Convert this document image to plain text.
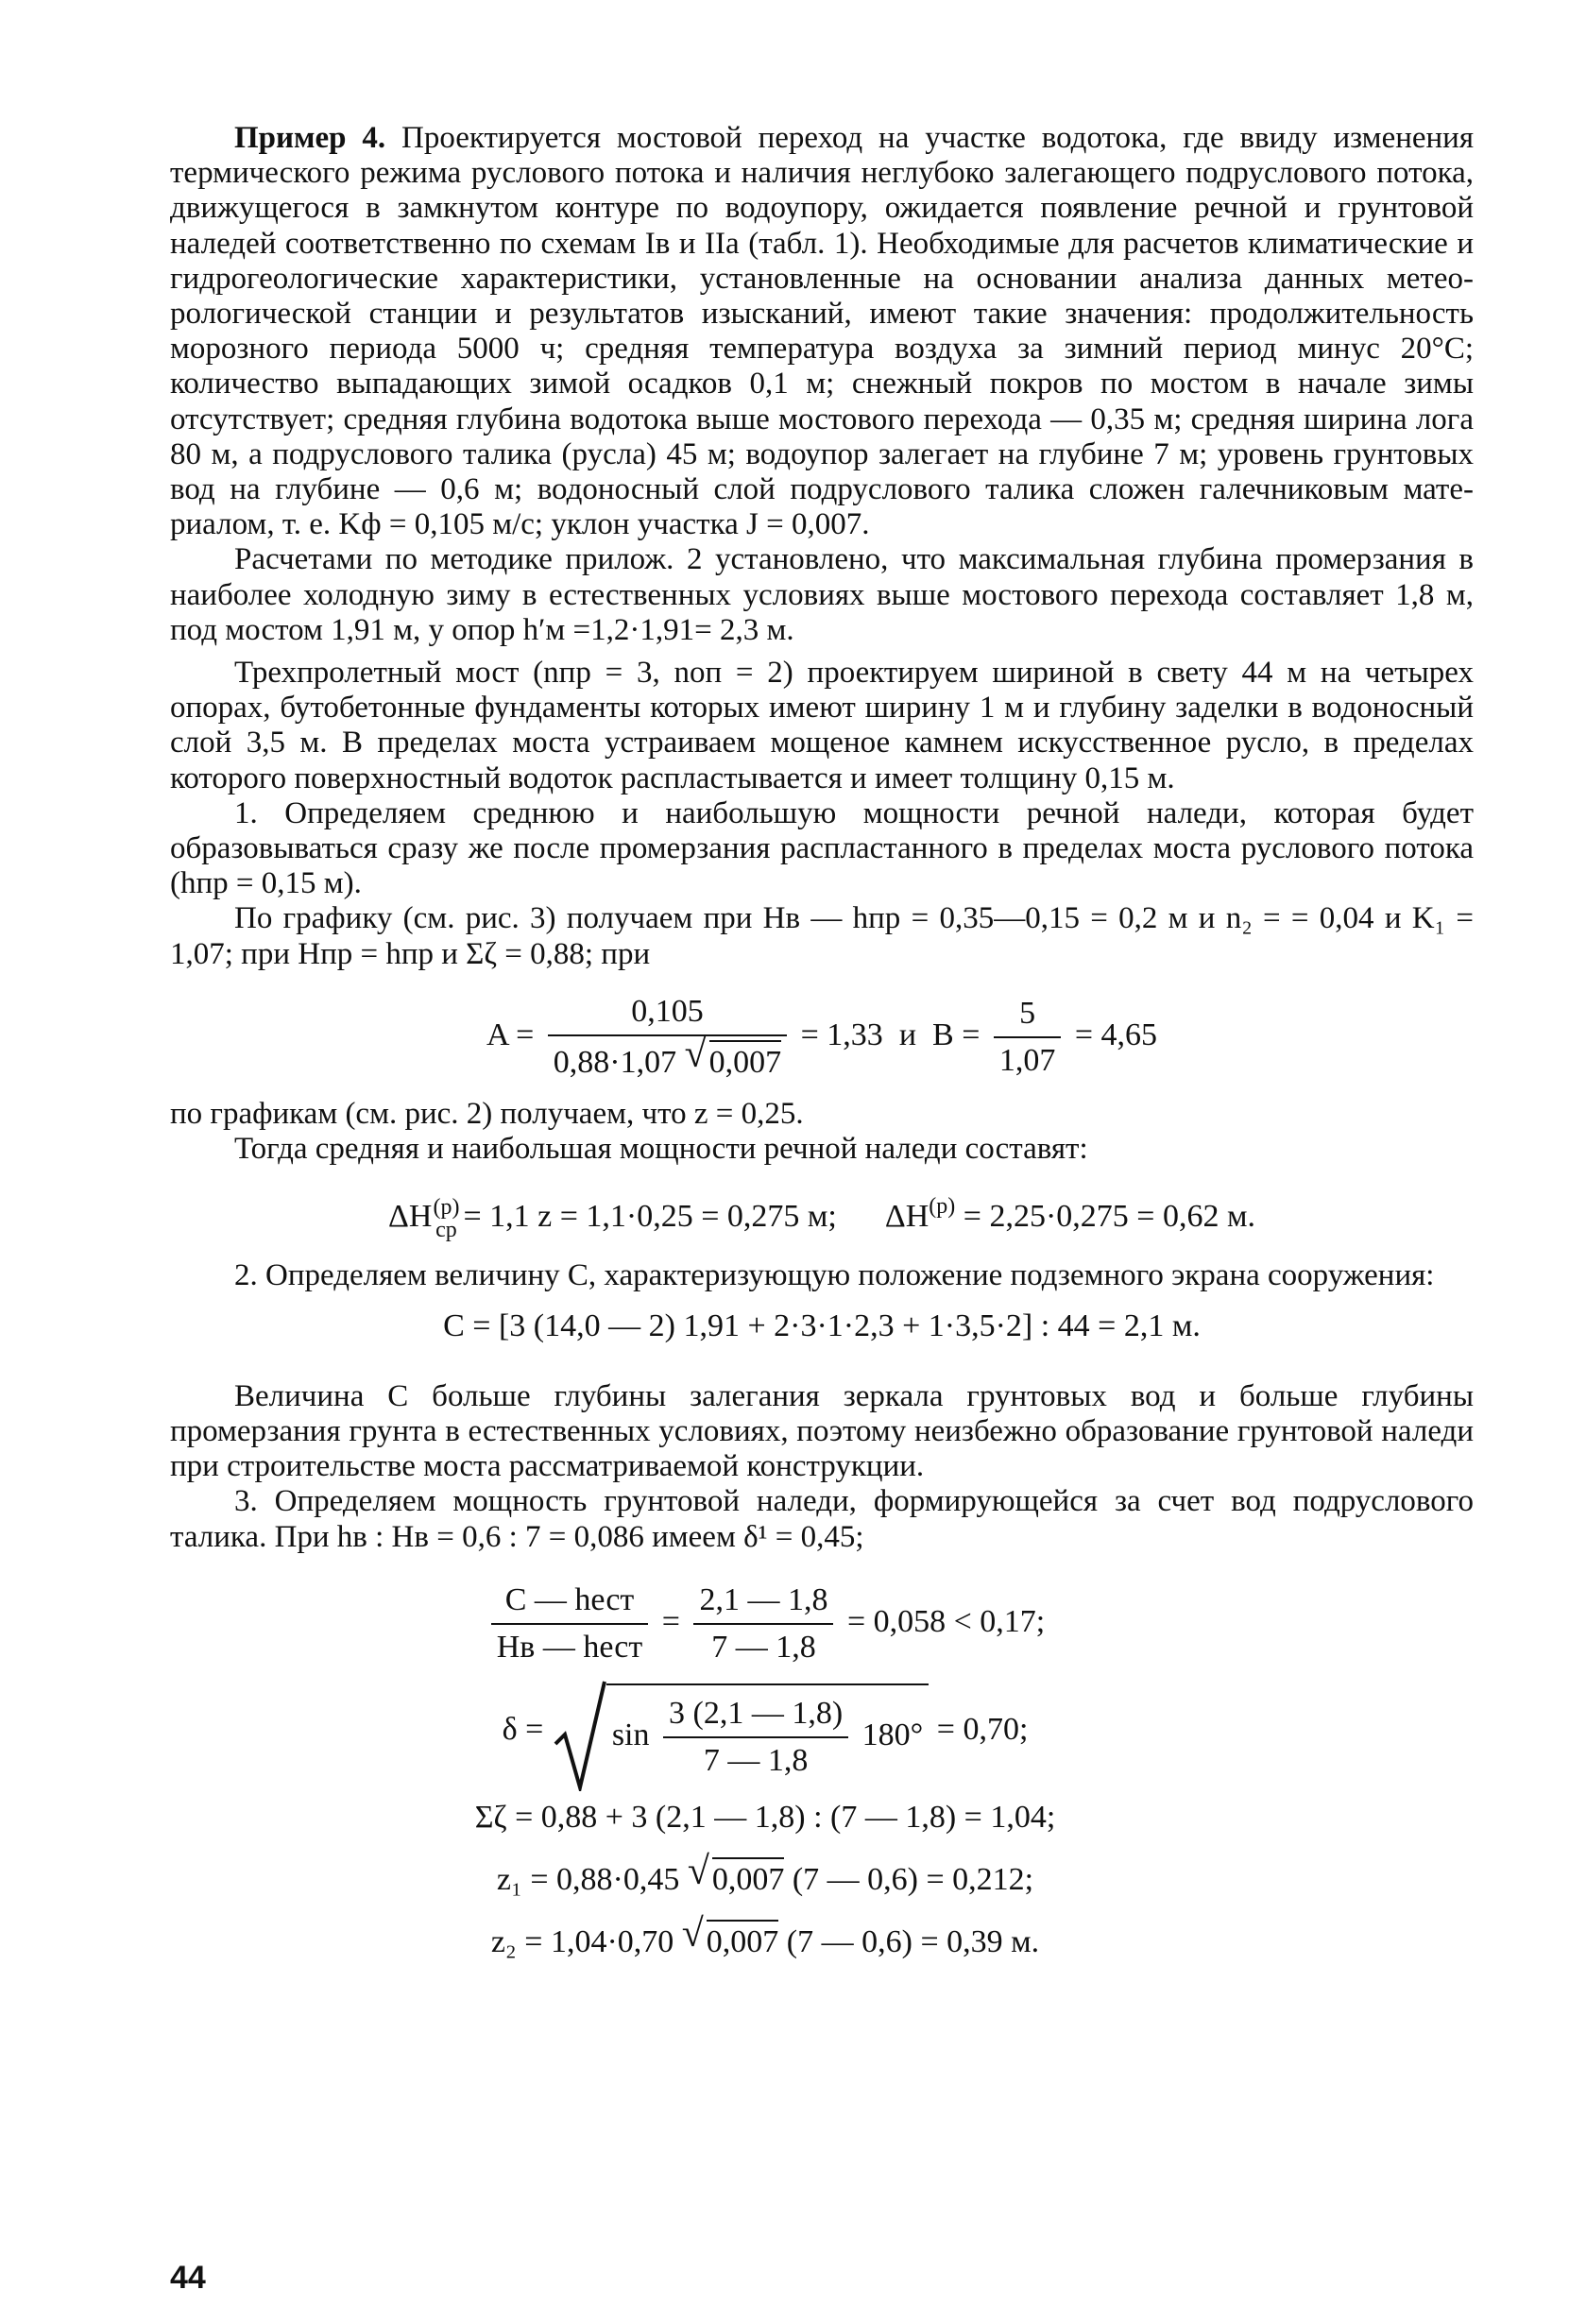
Пример 4. Проектируется мостовой переход на участке водотока, где ввиду изменения термического режима руслового потока и наличия неглубоко залегающего подруслового потока, движущегося в замкнутом контуре по водоупору, ожидается появление речной и грунтовой наледей соответственно по схемам Iв и IIа (табл. 1). Необходимые для расчетов климатические и гидрогеологические характеристики, установленные на основании анализа данных метеорологической станции и результатов изысканий, имеют такие значения: продолжительность морозного периода 5000 ч; средняя температура воздуха за зимний период минус 20°С; количество выпадающих зимой осадков 0,1 м; снежный покров по мостом в начале зимы отсутствует; средняя глубина водотока выше мостового перехода — 0,35 м; средняя ширина лога 80 м, а подруслового талика (русла) 45 м; водоупор залегает на глубине 7 м; уровень грунтовых вод на глубине — 0,6 м; водоносный слой подруслового талика сложен галечниковым материалом, т. е. Kф = 0,105 м/с; уклон участка J = 0,007.

Расчетами по методике прилож. 2 установлено, что максимальная глубина промерзания в наиболее холодную зиму в естественных условиях выше мостового перехода составляет 1,8 м, под мостом 1,91 м, у опор h′м =1,2·1,91= 2,3 м.

Трехпролетный мост (nпр = 3, nоп = 2) проектируем шириной в свету 44 м на четырех опорах, бутобетонные фундаменты которых имеют ширину 1 м и глубину заделки в водоносный слой 3,5 м. В пределах моста устраиваем мощеное камнем искусственное русло, в пределах которого поверхностный водоток распластывается и имеет толщину 0,15 м.

1. Определяем среднюю и наибольшую мощности речной наледи, которая будет образовываться сразу же после промерзания распластанного в пределах моста руслового потока (hпр = 0,15 м).

По графику (см. рис. 3) получаем при Hв — hпр = 0,35—0,15 = 0,2 м и n₂ = = 0,04 и K₁ = 1,07; при Hпр = hпр и Σζ = 0,88; при

$A = \frac{0,105}{0,88\cdot 1,07 √ 0,007} = 1,33$ и $B = \frac{5}{1,07} = 4,65$

по графикам (см. рис. 2) получаем, что z = 0,25.

Тогда средняя и наибольшая мощности речной наледи составят:

ΔH (р)
ср = 1,1 z = 1,1·0,25 = 0,275 м; $\Delta H^{(р)} = 2,25\cdot 0,275 = 0,62$ м.

2. Определяем величину C, характеризующую положение подземного экрана сооружения:

C = [3 (14,0 — 2) 1,91 + 2·3·1·2,3 + 1·3,5·2] : 44 = 2,1 м.

Величина C больше глубины залегания зеркала грунтовых вод и больше глубины промерзания грунта в естественных условиях, поэтому неизбежно образование грунтовой наледи при строительстве моста рассматриваемой конструкции.

3. Определяем мощность грунтовой наледи, формирующейся за счет вод подруслового талика. При hв : Hв = 0,6 : 7 = 0,086 имеем δ¹ = 0,45;

$\frac{\text{C — hест}}{\text{Hв — hест}} = \frac{2,1 — 1,8}{7 — 1,8} = 0,058 < 0,17$;
$\delta = \sin \frac{3 (2,1 — 1,8)}{7 — 1,8} 180^\circ = 0,70$;
Σζ = 0,88 + 3 (2,1 — 1,8) : (7 — 1,8) = 1,04;
z₁ = 0,88·0,45 √ 0,007 (7 — 0,6) = 0,212;
z₂ = 1,04·0,70 √ 0,007 (7 — 0,6) = 0,39 м.
44
